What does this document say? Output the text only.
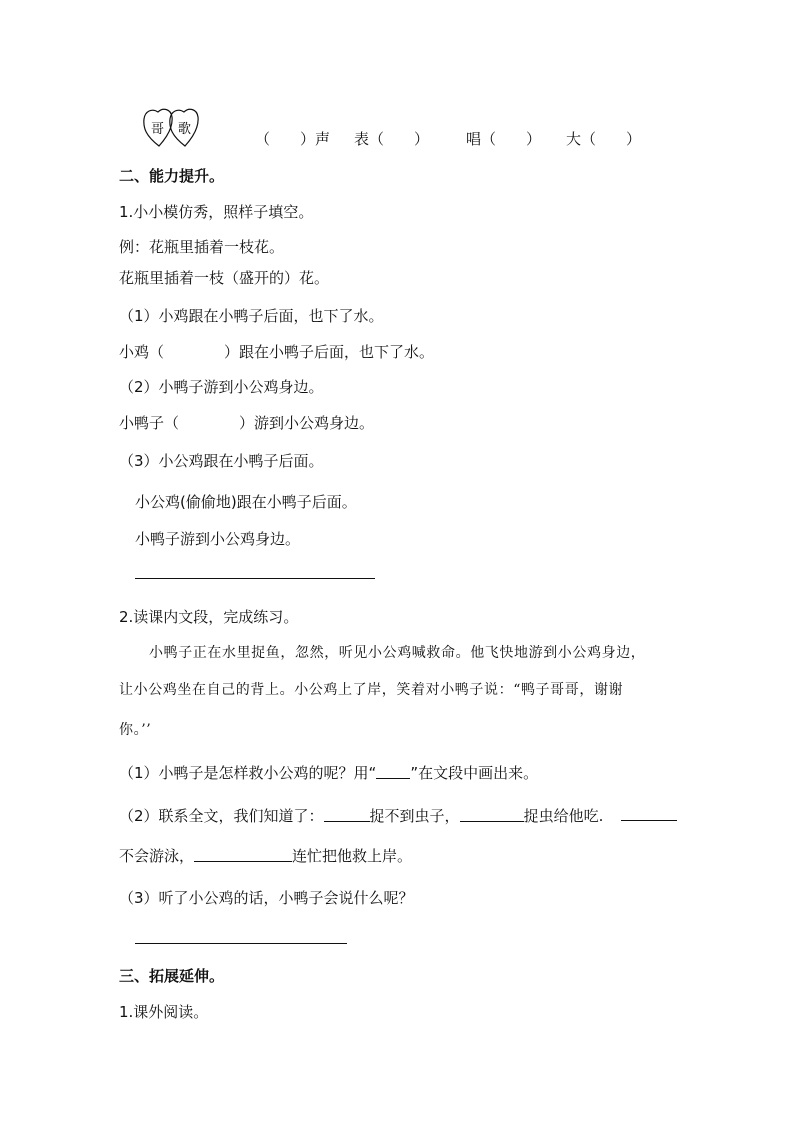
哥 歌
（　　）声 表（　　） 唱（　　） 大（　　）
二、能力提升。
1.小小模仿秀，照样子填空。
例：花瓶里插着一枝花。
花瓶里插着一枝（盛开的）花。
（1）小鸡跟在小鸭子后面，也下了水。
小鸡（　　　　）跟在小鸭子后面，也下了水。
（2）小鸭子游到小公鸡身边。
小鸭子（　　　　）游到小公鸡身边。
（3）小公鸡跟在小鸭子后面。
小公鸡(偷偷地)跟在小鸭子后面。
小鸭子游到小公鸡身边。
2.读课内文段，完成练习。
小鸭子正在水里捉鱼，忽然，听见小公鸡喊救命。他飞快地游到小公鸡身边，
让小公鸡坐在自己的背上。小公鸡上了岸，笑着对小鸭子说：“鸭子哥哥，谢谢
你。’’
（1）小鸭子是怎样救小公鸡的呢？用“ ”在文段中画出来。
（2）联系全文，我们知道了：	捉不到虫子，	捉虫给他吃.
不会游泳，	连忙把他救上岸。
（3）听了小公鸡的话，小鸭子会说什么呢？
三、拓展延伸。
1.课外阅读。
